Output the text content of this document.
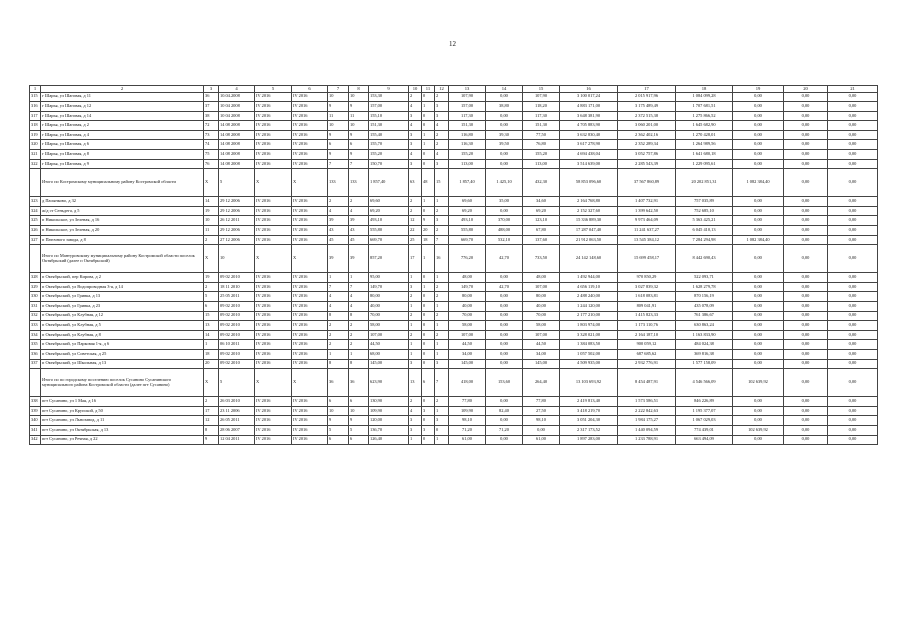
12
1	2	3	4	5	6	7	8	9	10	11	12	13	14	15	16	17	18	19	20	21
315	г Шарья, ул Шаговая, д 11	36	10.04.2008	IV 2016	IV 2016	10	10	153,30	2	0	2	107,90	0,00	107,90	3 100 017,24	2 015 917,96	1 084 099,28	0,00	0,00	0,00
316	г Шарья, ул Шаговая, д 12	37	10 04 2008	IV 2016	IV 2016	9	9	157,00	4	1	3	157,00	38,80	118,20	4 883 171,00	3 175 489,49	1 707 681,51	0,00	0,00	0,00
317	г Шарья, ул Шаговая, д 14	38	10 04 2008	IV 2016	IV 2016	11	11	155,10	3	0	3	117,30	0,00	117,30	3 648 381,90	2 372 515,38	1 275 866,52	0,00	0,00	0,00
318	г Шарья, ул Шаговая, д 2	72	14 08 2008	IV 2016	IV 2016	10	10	151,30	4	0	4	151,30	0,00	151,30	4 705 883,90	3 060 201,00	1 645 682,90	0,00	0,00	0,00
319	г Шарья, ул Шаговая, д 4	73	14 08 2008	IV 2016	IV 2016	9	9	155,40	3	1	2	116,80	39,30	77,50	3 632 830,40	2 362 402,16	1 270 428,01	0,00	0,00	0,00
320	г Шарья, ул Шаговая, д 6	74	14 08 2008	IV 2016	IV 2016	6	6	155,70	3	1	2	116,30	39,50	76,80	3 617 278,90	2 352 289,34	1 264 989,56	0,00	0,00	0,00
321	г Шарья, ул Шаговая, д 8	75	14 08 2008	IV 2016	IV 2016	9	9	155,20	4	0	4	155,20	0,00	155,20	4 694 438,04	3 052 757,86	1 641 680,18	0,00	0,00	0,00
322	г Шарья, ул Шаговая, д 9	76	14 08 2008	IV 2016	IV 2016	7	7	150,70	3	0	3	113,00	0,00	113,00	3 514 639,00	2 285 543,39	1 229 095,61	0,00	0,00	0,00
	Итого по Костромскому муниципальному району Костромской области	X	5	X	X	133	133	1 857,40	63	48	15	1 857,40	1 425,10	432,30	58 853 096,60	37 567 860,89	20 202 851,31	1 082 384,40	0,00	0,00
323	д Пасынково, д 32	14	29 12 2006	IV 2016	IV 2016	2	2	69,60	2	1	1	69,60	35,00	34,60	2 164 768,80	1 407 732,91	757 035,89	0,00	0,00	0,00
324	ж/д ст Сеньдега, д 5	19	29 12 2006	IV 2016	IV 2016	4	4	69,20	2	0	2	69,20	0,00	69,20	2 152 327,60	1 399 642,50	752 685,10	0,00	0,00	0,00
325	п Никольское, ул Зеленая, д 16	10	26 12 2011	IV 2016	IV 2016	39	39	493,10	12	9	3	493,10	370,00	123,10	15 336 889,30	9 973 464,09	5 363 425,21	0,00	0,00	0,00
326	п Никольское, ул Зеленая, д 20	11	29 12 2006	IV 2016	IV 2016	43	43	555,80	22	20	2	555,80	488,00	67,80	17 287 047,40	11 241 637,27	6 045 410,13	0,00	0,00	0,00
327	п Паточного завода, д 8	2	27 12 2006	IV 2016	IV 2016	45	45	669,70	25	18	7	669,70	532,10	137,60	21 912 063,50	13 545 384,12	7 284 294,98	1 082 384,40	0,00	0,00
	Итого по Мантуровскому муниципальному району Костромской области поселок Октябрьский (далее п Октябрьский)	X	10	X	X	39	39	857,20	17	1	16	776,20	42,70	733,50	24 142 148,60	15 699 458,17	8 442 690,43	0,00	0,00	0,00
328	п Октябрьский, пер Кирова, д 2	19	09 02 2010	IV 2016	IV 2016	1	1	95,00	1	0	1	48,00	0,00	48,00	1 492 944,00	970 850,29	522 093,71	0,00	0,00	0,00
329	п Октябрьский, ул Водопроводная 3-я, д 14	2	18 11 2010	IV 2016	IV 2016	7	7	149,70	3	1	2	149,70	42,70	107,00	4 656 119,10	3 027 839,32	1 628 279,78	0,00	0,00	0,00
330	п Октябрьский, ул Гривка, д 13	5	25 05 2011	IV 2016	IV 2016	4	4	80,00	2	0	2	80,00	0,00	80,00	2 488 240,00	1 618 083,81	870 156,19	0,00	0,00	0,00
331	п Октябрьский, ул Гривка, д 23	6	09 02 2010	IV 2016	IV 2016	4	4	40,00	1	0	1	40,00	0,00	40,00	1 244 120,00	809 041,91	435 078,09	0,00	0,00	0,00
332	п Октябрьский, ул Клубная, д 12	15	09 02 2010	IV 2016	IV 2016	8	8	70,00	2	0	2	70,00	0,00	70,00	2 177 210,00	1 415 823,33	761 386,67	0,00	0,00	0,00
333	п Октябрьский, ул Клубная, д 5	13	09 02 2010	IV 2016	IV 2016	2	2	58,00	1	0	1	58,00	0,00	58,00	1 803 974,00	1 173 110,76	630 863,24	0,00	0,00	0,00
334	п Октябрьский, ул Клубная, д 8	14	09 02 2010	IV 2016	IV 2016	2	2	107,00	2	0	2	107,00	0,00	107,00	3 328 021,00	2 164 187,10	1 163 833,90	0,00	0,00	0,00
335	п Октябрьский, ул Парковая 1-я, д 6	1	06 10 2011	IV 2016	IV 2016	2	2	44,50	1	0	1	44,50	0,00	44,50	1 384 083,50	900 059,12	484 024,38	0,00	0,00	0,00
336	п Октябрьский, ул Советская, д 25	18	09 02 2010	IV 2016	IV 2016	1	1	68,00	1	0	1	34,00	0,00	34,00	1 057 502,00	687 685,62	369 816,38	0,00	0,00	0,00
337	п Октябрьский, ул Школьная, д 13	20	09 02 2010	IV 2016	IV 2016	8	8	145,00	3	0	3	145,00	0,00	145,00	4 509 935,00	2 932 776,91	1 577 158,09	0,00	0,00	0,00
	Итого по по городскому поселению поселок Сусанино Сусанинского муниципального района Костромской области (далее пгт Сусанино)	X	5	X	X	36	36	623,90	13	6	7	418,00	153,60	264,40	13 103 693,92	8 454 487,91	4 546 566,09	102 639,92	0,00	0,00
338	пгт Сусанино, ул 1 Мая, д 16	2	26 03 2010	IV 2016	IV 2016	6	6	130,90	2	0	2	77,80	0,00	77,80	2 419 813,40	1 573 586,51	846 226,89	0,00	0,00	0,00
339	пгт Сусанино, ул Крупской, д 50	17	23 11 2006	IV 2016	IV 2016	10	10	109,90	4	3	1	109,90	82,40	27,50	3 418 219,70	2 222 842,63	1 195 377,07	0,00	0,00	0,00
340	пгт Сусанино, ул Льнозавод, д 11	12	26 05 2011	IV 2016	IV 2016	9	9	120,00	3	0	3	98,10	0,00	98,10	3 051 204,30	1 984 175,27	1 067 029,03	0,00	0,00	0,00
341	пгт Сусанино, ул Октябрьская, д 13	8	28 06 2007	IV 2016	IV 2016	5	5	136,70	3	3	0	71,20	71,20	0,00	2 317 173,52	1 440 094,59	774 439,01	102 639,92	0,00	0,00
342	пгт Сусанино, ул Речная, д 22	9	12 04 2011	IV 2016	IV 2016	6	6	126,40	1	0	1	61,00	0,00	61,00	1 897 283,00	1 233 788,91	663 494,09	0,00	0,00	0,00
